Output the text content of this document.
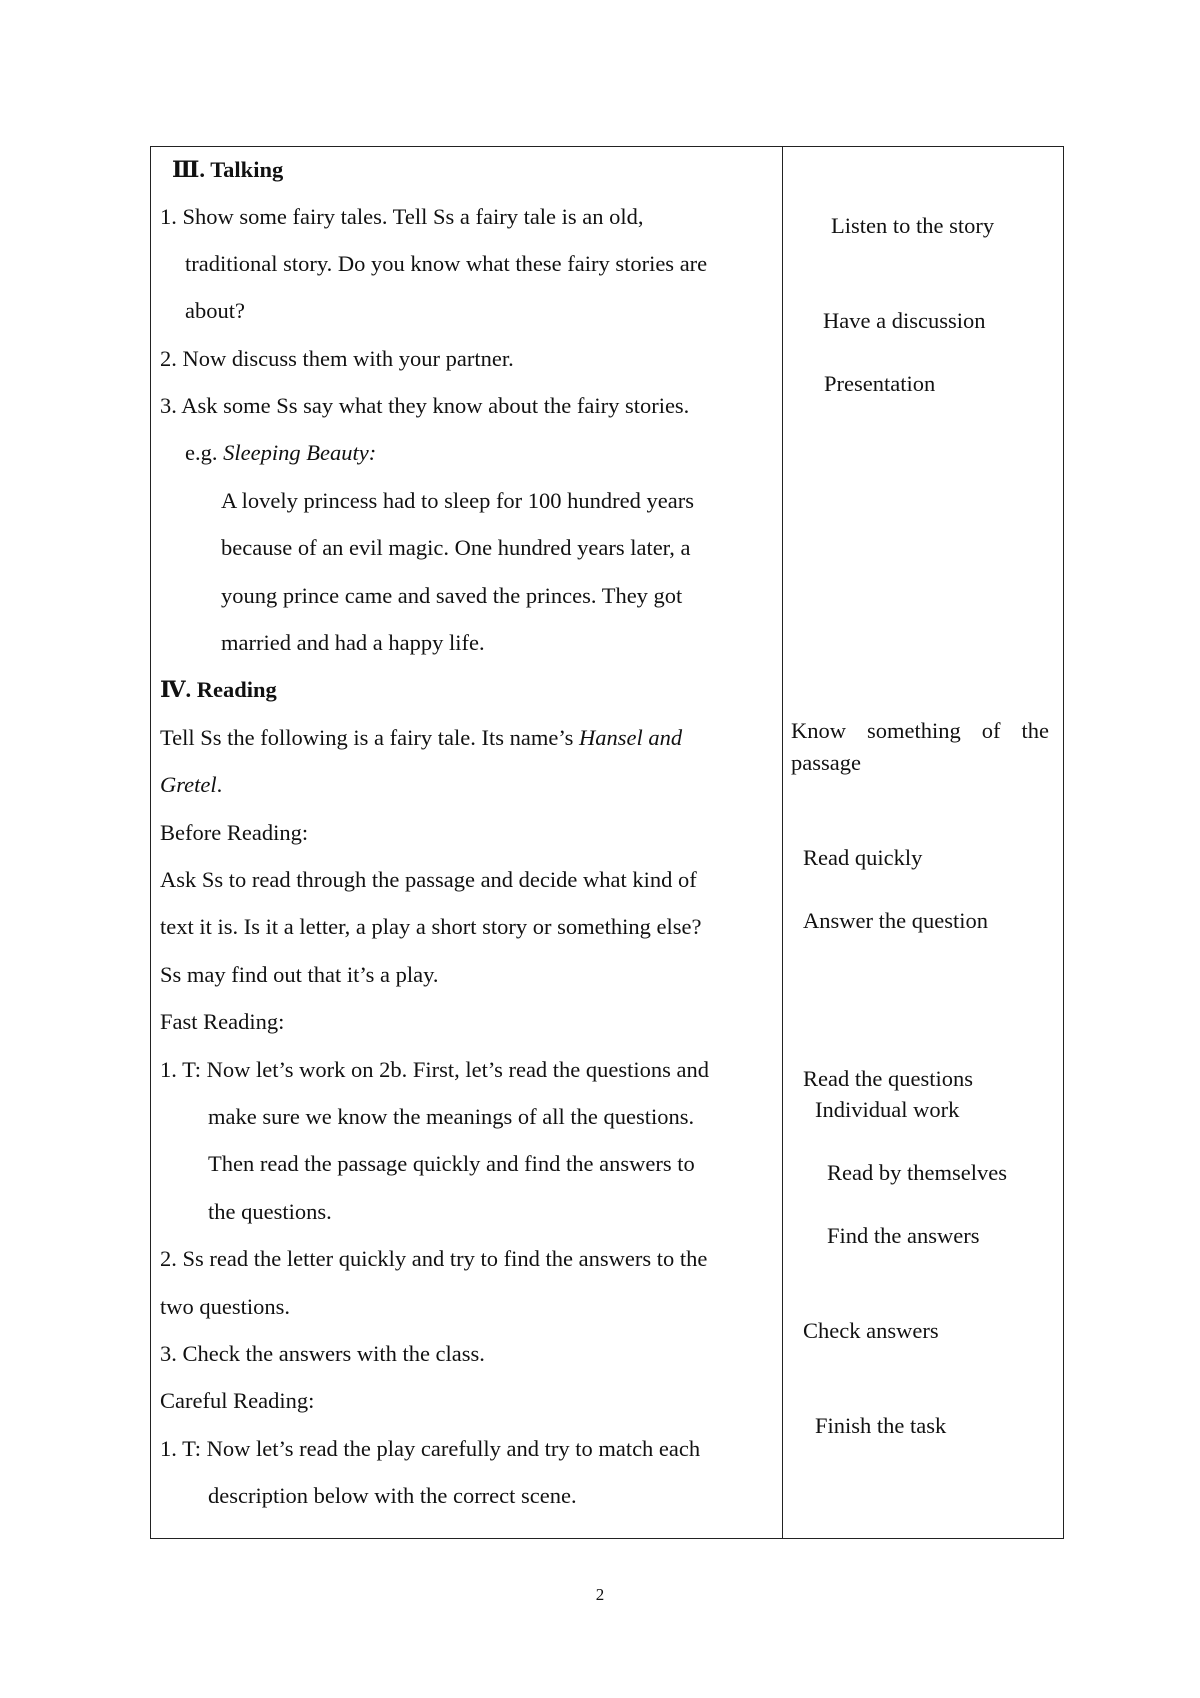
Ⅲ. Talking
1. Show some fairy tales. Tell Ss a fairy tale is an old,
traditional story. Do you know what these fairy stories are
about?
2. Now discuss them with your partner.
3. Ask some Ss say what they know about the fairy stories.
e.g. Sleeping Beauty:
A lovely princess had to sleep for 100 hundred years
because of an evil magic. One hundred years later, a
young prince came and saved the princes. They got
married and had a happy life.
Ⅳ. Reading
Tell Ss the following is a fairy tale. Its name’s Hansel and
Gretel.
Before Reading:
Ask Ss to read through the passage and decide what kind of
text it is. Is it a letter, a play a short story or something else?
Ss may find out that it’s a play.
Fast Reading:
1. T: Now let’s work on 2b. First, let’s read the questions and
make sure we know the meanings of all the questions.
Then read the passage quickly and find the answers to
the questions.
2. Ss read the letter quickly and try to find the answers to the
two questions.
3. Check the answers with the class.
Careful Reading:
1. T: Now let’s read the play carefully and try to match each
description below with the correct scene.
Listen to the story
Have a discussion
Presentation
Know something of the
passage
Read quickly
Answer the question
Read the questions
Individual work
Read by themselves
Find the answers
Check answers
Finish the task
2
